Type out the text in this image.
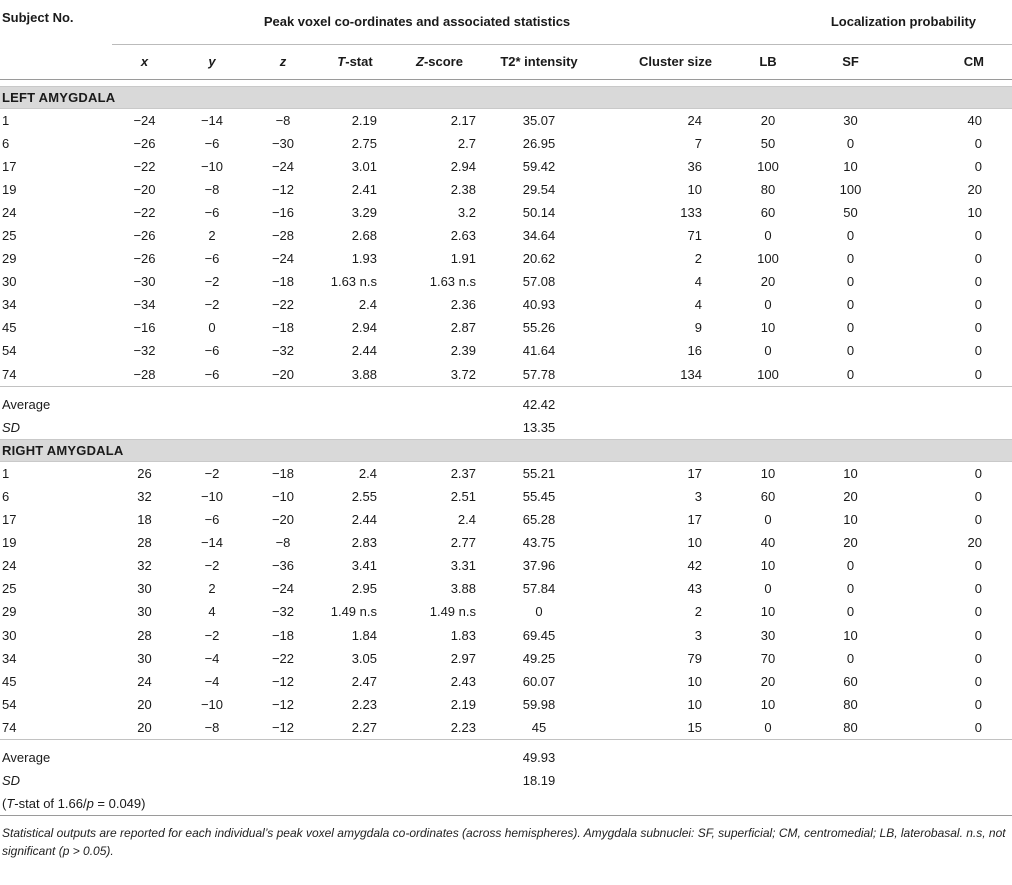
Subject No.	Peak voxel co-ordinates and associated statistics							Localization probability		
	x	y	z	T-stat	Z-score	T2* intensity	Cluster size	LB	SF	CM

LEFT AMYGDALA										
1	−24	−14	−8	2.19	2.17	35.07	24	20	30	40
6	−26	−6	−30	2.75	2.7	26.95	7	50	0	0
17	−22	−10	−24	3.01	2.94	59.42	36	100	10	0
19	−20	−8	−12	2.41	2.38	29.54	10	80	100	20
24	−22	−6	−16	3.29	3.2	50.14	133	60	50	10
25	−26	2	−28	2.68	2.63	34.64	71	0	0	0
29	−26	−6	−24	1.93	1.91	20.62	2	100	0	0
30	−30	−2	−18	1.63 n.s	1.63 n.s	57.08	4	20	0	0
34	−34	−2	−22	2.4	2.36	40.93	4	0	0	0
45	−16	0	−18	2.94	2.87	55.26	9	10	0	0
54	−32	−6	−32	2.44	2.39	41.64	16	0	0	0
74	−28	−6	−20	3.88	3.72	57.78	134	100	0	0

Average						42.42				
SD						13.35				
RIGHT AMYGDALA										
1	26	−2	−18	2.4	2.37	55.21	17	10	10	0
6	32	−10	−10	2.55	2.51	55.45	3	60	20	0
17	18	−6	−20	2.44	2.4	65.28	17	0	10	0
19	28	−14	−8	2.83	2.77	43.75	10	40	20	20
24	32	−2	−36	3.41	3.31	37.96	42	10	0	0
25	30	2	−24	2.95	3.88	57.84	43	0	0	0
29	30	4	−32	1.49 n.s	1.49 n.s	0	2	10	0	0
30	28	−2	−18	1.84	1.83	69.45	3	30	10	0
34	30	−4	−22	3.05	2.97	49.25	79	70	0	0
45	24	−4	−12	2.47	2.43	60.07	10	20	60	0
54	20	−10	−12	2.23	2.19	59.98	10	10	80	0
74	20	−8	−12	2.27	2.23	45	15	0	80	0

Average						49.93				
SD						18.19				
(T-stat of 1.66/p = 0.049)										
Statistical outputs are reported for each individual’s peak voxel amygdala co-ordinates (across hemispheres). Amygdala subnuclei: SF, superficial; CM, centromedial; LB, laterobasal. n.s, not significant (p > 0.05).										
